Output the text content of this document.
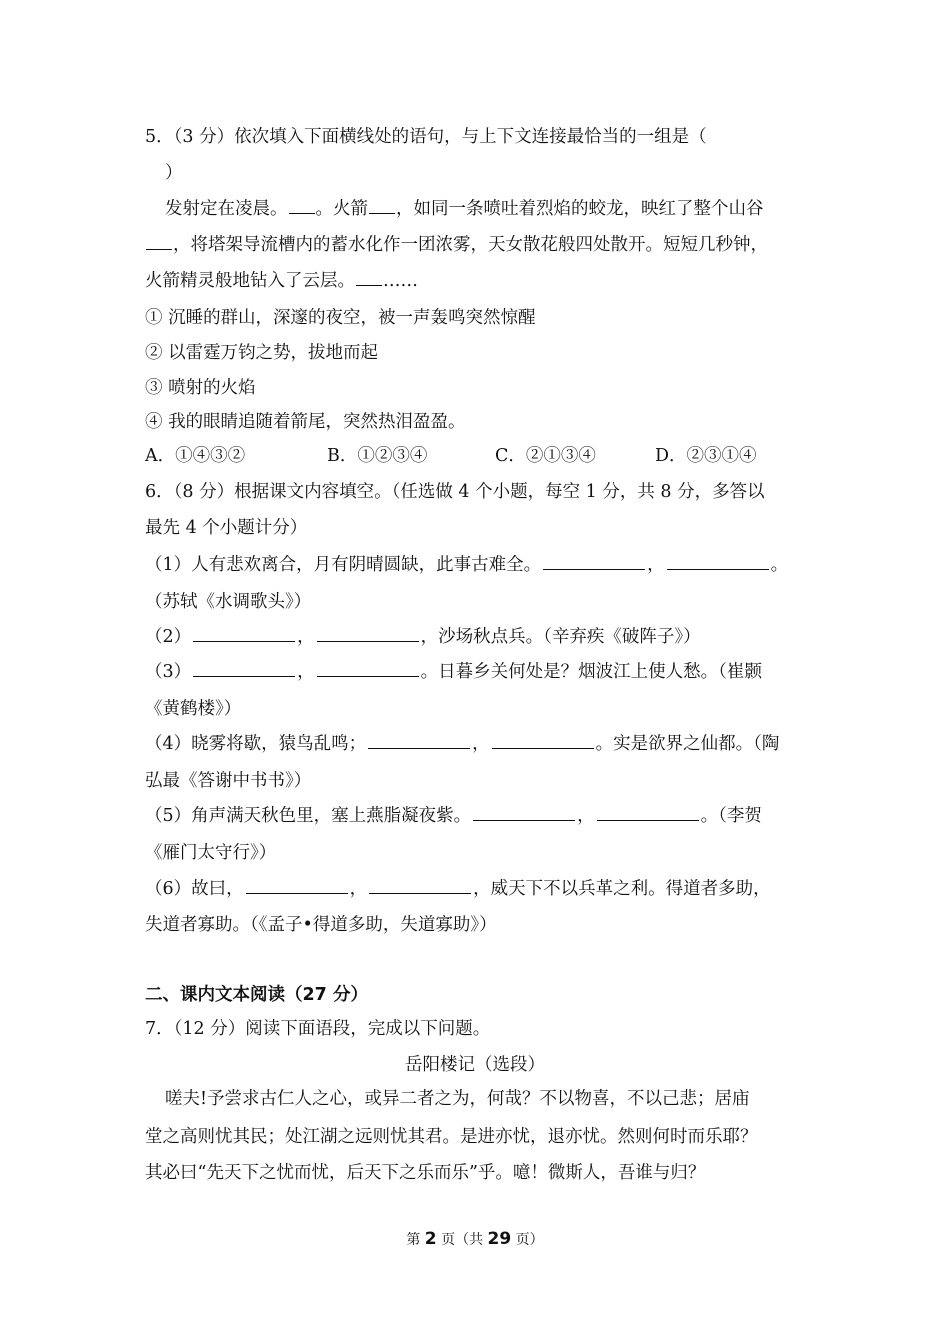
5．（3 分）依次填入下面横线处的语句，与上下文连接最恰当的一组是（
）
发射定在凌晨。 。火箭 ，如同一条喷吐着烈焰的蛟龙，映红了整个山谷
，将塔架导流槽内的蓄水化作一团浓雾，天女散花般四处散开。短短几秒钟，
火箭精灵般地钻入了云层。 ……
① 沉睡的群山，深邃的夜空，被一声轰鸣突然惊醒
② 以雷霆万钧之势，拔地而起
③ 喷射的火焰
④ 我的眼睛追随着箭尾，突然热泪盈盈。
A．①④③②	B．①②③④	C．②①③④	D．②③①④
6．（8 分）根据课文内容填空。（任选做 4 个小题，每空 1 分，共 8 分，多答以
最先 4 个小题计分）
（1）人有悲欢离合，月有阴晴圆缺，此事古难全。	，	。
（苏轼《水调歌头》）
（2）	，	，沙场秋点兵。（辛弃疾《破阵子》）
（3）	，	。日暮乡关何处是？烟波江上使人愁。（崔颢
《黄鹤楼》）
（4）晓雾将歇，猿鸟乱鸣；	，	。实是欲界之仙都。（陶
弘最《答谢中书书》）
（5）角声满天秋色里，塞上燕脂凝夜紫。	，	。（李贺
《雁门太守行》）
（6）故曰，	，	，威天下不以兵革之利。得道者多助，
失道者寡助。（《孟子•得道多助，失道寡助》）
二、课内文本阅读（27 分）
7．（12 分）阅读下面语段，完成以下问题。
岳阳楼记（选段）
嗟夫!予尝求古仁人之心，或异二者之为，何哉？不以物喜，不以己悲；居庙
堂之高则忧其民；处江湖之远则忧其君。是进亦忧，退亦忧。然则何时而乐耶？
其必曰“先天下之忧而忧，后天下之乐而乐”乎。噫！微斯人，吾谁与归？
第 2 页（共 29 页）
